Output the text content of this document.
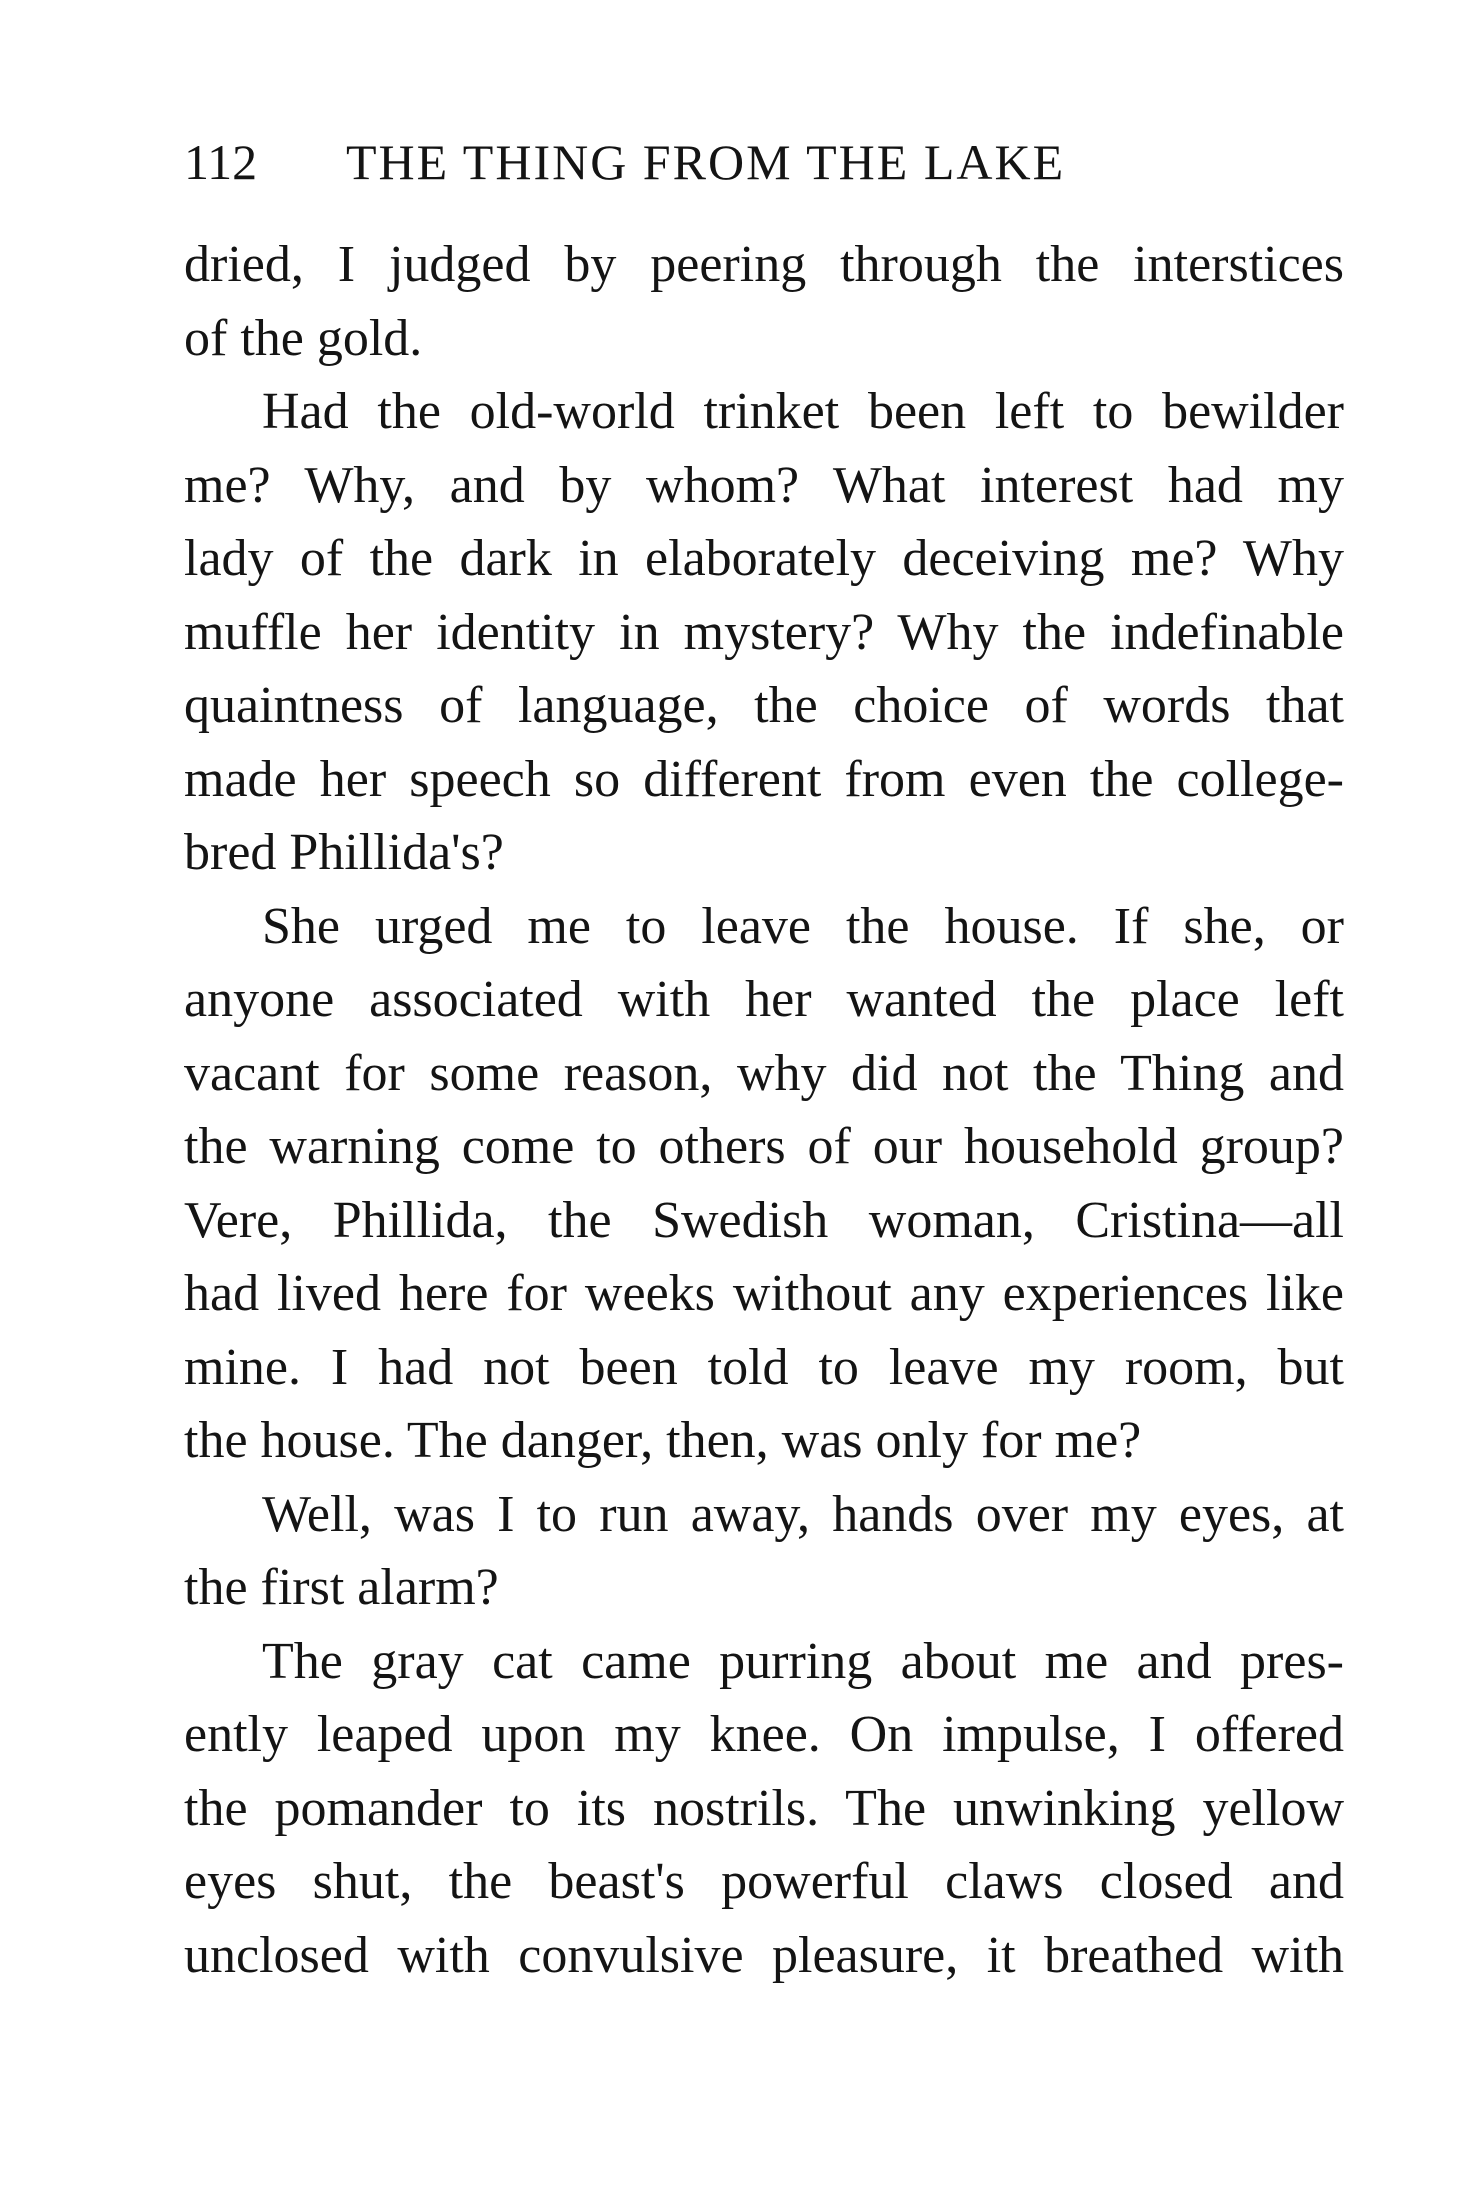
112 THE THING FROM THE LAKE
dried, I judged by peering through the interstices
of the gold.
Had the old-world trinket been left to bewilder
me? Why, and by whom? What interest had my
lady of the dark in elaborately deceiving me? Why
muffle her identity in mystery? Why the indefinable
quaintness of language, the choice of words that
made her speech so different from even the college-
bred Phillida's?
She urged me to leave the house. If she, or
anyone associated with her wanted the place left
vacant for some reason, why did not the Thing and
the warning come to others of our household group?
Vere, Phillida, the Swedish woman, Cristina—all
had lived here for weeks without any experiences like
mine. I had not been told to leave my room, but
the house. The danger, then, was only for me?
Well, was I to run away, hands over my eyes, at
the first alarm?
The gray cat came purring about me and pres-
ently leaped upon my knee. On impulse, I offered
the pomander to its nostrils. The unwinking yellow
eyes shut, the beast's powerful claws closed and
unclosed with convulsive pleasure, it breathed with
